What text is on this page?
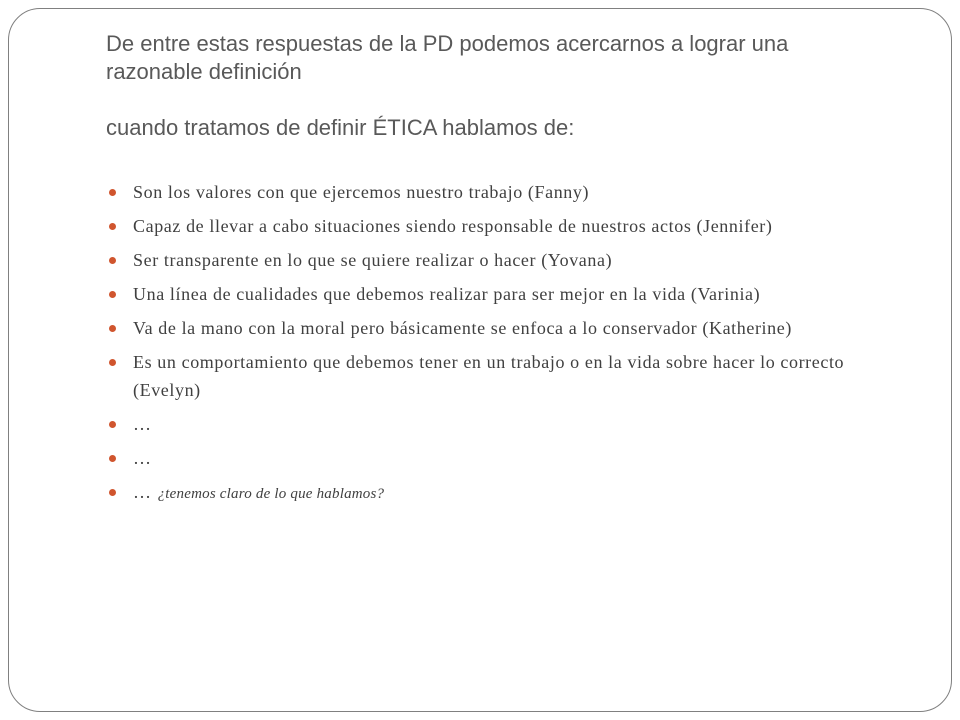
De entre estas respuestas de la PD podemos acercarnos a lograr una razonable definición
cuando tratamos de definir ÉTICA hablamos de:
Son los valores con que ejercemos nuestro trabajo (Fanny)
Capaz de llevar a cabo situaciones siendo responsable de nuestros actos (Jennifer)
Ser transparente en lo que se quiere realizar o hacer (Yovana)
Una línea de cualidades que debemos realizar para ser mejor en la vida (Varinia)
Va de la mano con la moral pero básicamente se enfoca a lo conservador (Katherine)
Es un comportamiento que debemos tener en un trabajo o en la vida sobre hacer lo correcto (Evelyn)
…
…
… ¿tenemos claro de lo que hablamos?
